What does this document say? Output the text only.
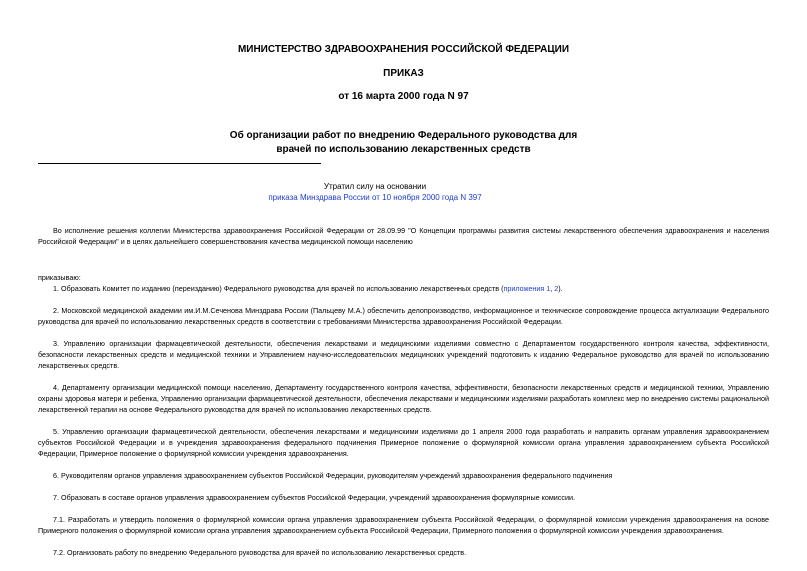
МИНИСТЕРСТВО ЗДРАВООХРАНЕНИЯ РОССИЙСКОЙ ФЕДЕРАЦИИ
ПРИКАЗ
от 16 марта 2000 года N 97
Об организации работ по внедрению Федерального руководства для
врачей по использованию лекарственных средств
Утратил силу на основании
приказа Минздрава России от 10 ноября 2000 года N 397

Во исполнение решения коллегии Министерства здравоохранения Российской Федерации от 28.09.99 "О Концепции программы развития системы лекарственного обеспечения здравоохранения и населения Российской Федерации" и в целях дальнейшего совершенствования качества медицинской помощи населению

приказываю:

1. Образовать Комитет по изданию (переизданию) Федерального руководства для врачей по использованию лекарственных средств (приложения 1, 2).

2. Московской медицинской академии им.И.М.Сеченова Минздрава России (Пальцеву М.А.) обеспечить делопроизводство, информационное и техническое сопровождение процесса актуализации Федерального руководства для врачей по использованию лекарственных средств в соответствии с требованиями Министерства здравоохранения Российской Федерации.

3. Управлению организации фармацевтической деятельности, обеспечения лекарствами и медицинскими изделиями совместно с Департаментом государственного контроля качества, эффективности, безопасности лекарственных средств и медицинской техники и Управлением научно-исследовательских медицинских учреждений подготовить к изданию Федеральное руководство для врачей по использованию лекарственных средств.

4. Департаменту организации медицинской помощи населению, Департаменту государственного контроля качества, эффективности, безопасности лекарственных средств и медицинской техники, Управлению охраны здоровья матери и ребенка, Управлению организации фармацевтической деятельности, обеспечения лекарствами и медицинскими изделиями разработать комплекс мер по внедрению системы рациональной лекарственной терапии на основе Федерального руководства для врачей по использованию лекарственных средств.

5. Управлению организации фармацевтической деятельности, обеспечения лекарствами и медицинскими изделиями до 1 апреля 2000 года разработать и направить органам управления здравоохранением субъектов Российской Федерации и в учреждения здравоохранения федерального подчинения Примерное положение о формулярной комиссии органа управления здравоохранением субъекта Российской Федерации, Примерное положение о формулярной комиссии учреждения здравоохранения.

6. Руководителям органов управления здравоохранением субъектов Российской Федерации, руководителям учреждений здравоохранения федерального подчинения

7. Образовать в составе органов управления здравоохранением субъектов Российской Федерации, учреждений здравоохранения формулярные комиссии.

7.1. Разработать и утвердить положения о формулярной комиссии органа управления здравоохранением субъекта Российской Федерации, о формулярной комиссии учреждения здравоохранения на основе Примерного положения о формулярной комиссии органа управления здравоохранением субъекта Российской Федерации, Примерного положения о формулярной комиссии учреждения здравоохранения.

7.2. Организовать работу по внедрению Федерального руководства для врачей по использованию лекарственных средств.
